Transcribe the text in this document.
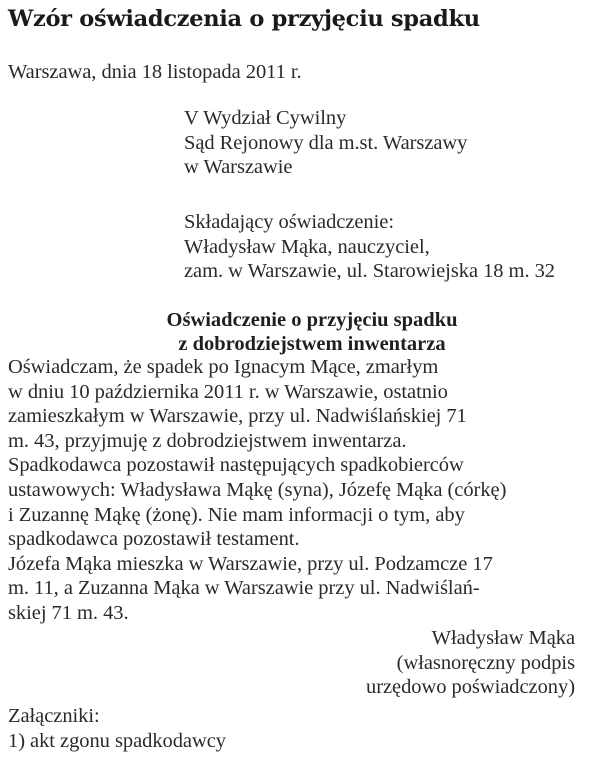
Wzór oświadczenia o przyjęciu spadku
Warszawa, dnia 18 listopada 2011 r.
V Wydział Cywilny
Sąd Rejonowy dla m.st. Warszawy
w Warszawie
Składający oświadczenie:
Władysław Mąka, nauczyciel,
zam. w Warszawie, ul. Starowiejska 18 m. 32
Oświadczenie o przyjęciu spadku
z dobrodziejstwem inwentarza
Oświadczam, że spadek po Ignacym Mące, zmarłym
w dniu 10 października 2011 r. w Warszawie, ostatnio
zamieszkałym w Warszawie, przy ul. Nadwiślańskiej 71
m. 43, przyjmuję z dobrodziejstwem inwentarza.
Spadkodawca pozostawił następujących spadkobierców
ustawowych: Władysława Mąkę (syna), Józefę Mąka (córkę)
i Zuzannę Mąkę (żonę). Nie mam informacji o tym, aby
spadkodawca pozostawił testament.
Józefa Mąka mieszka w Warszawie, przy ul. Podzamcze 17
m. 11, a Zuzanna Mąka w Warszawie przy ul. Nadwiślań-
skiej 71 m. 43.
Władysław Mąka
(własnoręczny podpis
urzędowo poświadczony)
Załączniki:
1) akt zgonu spadkodawcy
